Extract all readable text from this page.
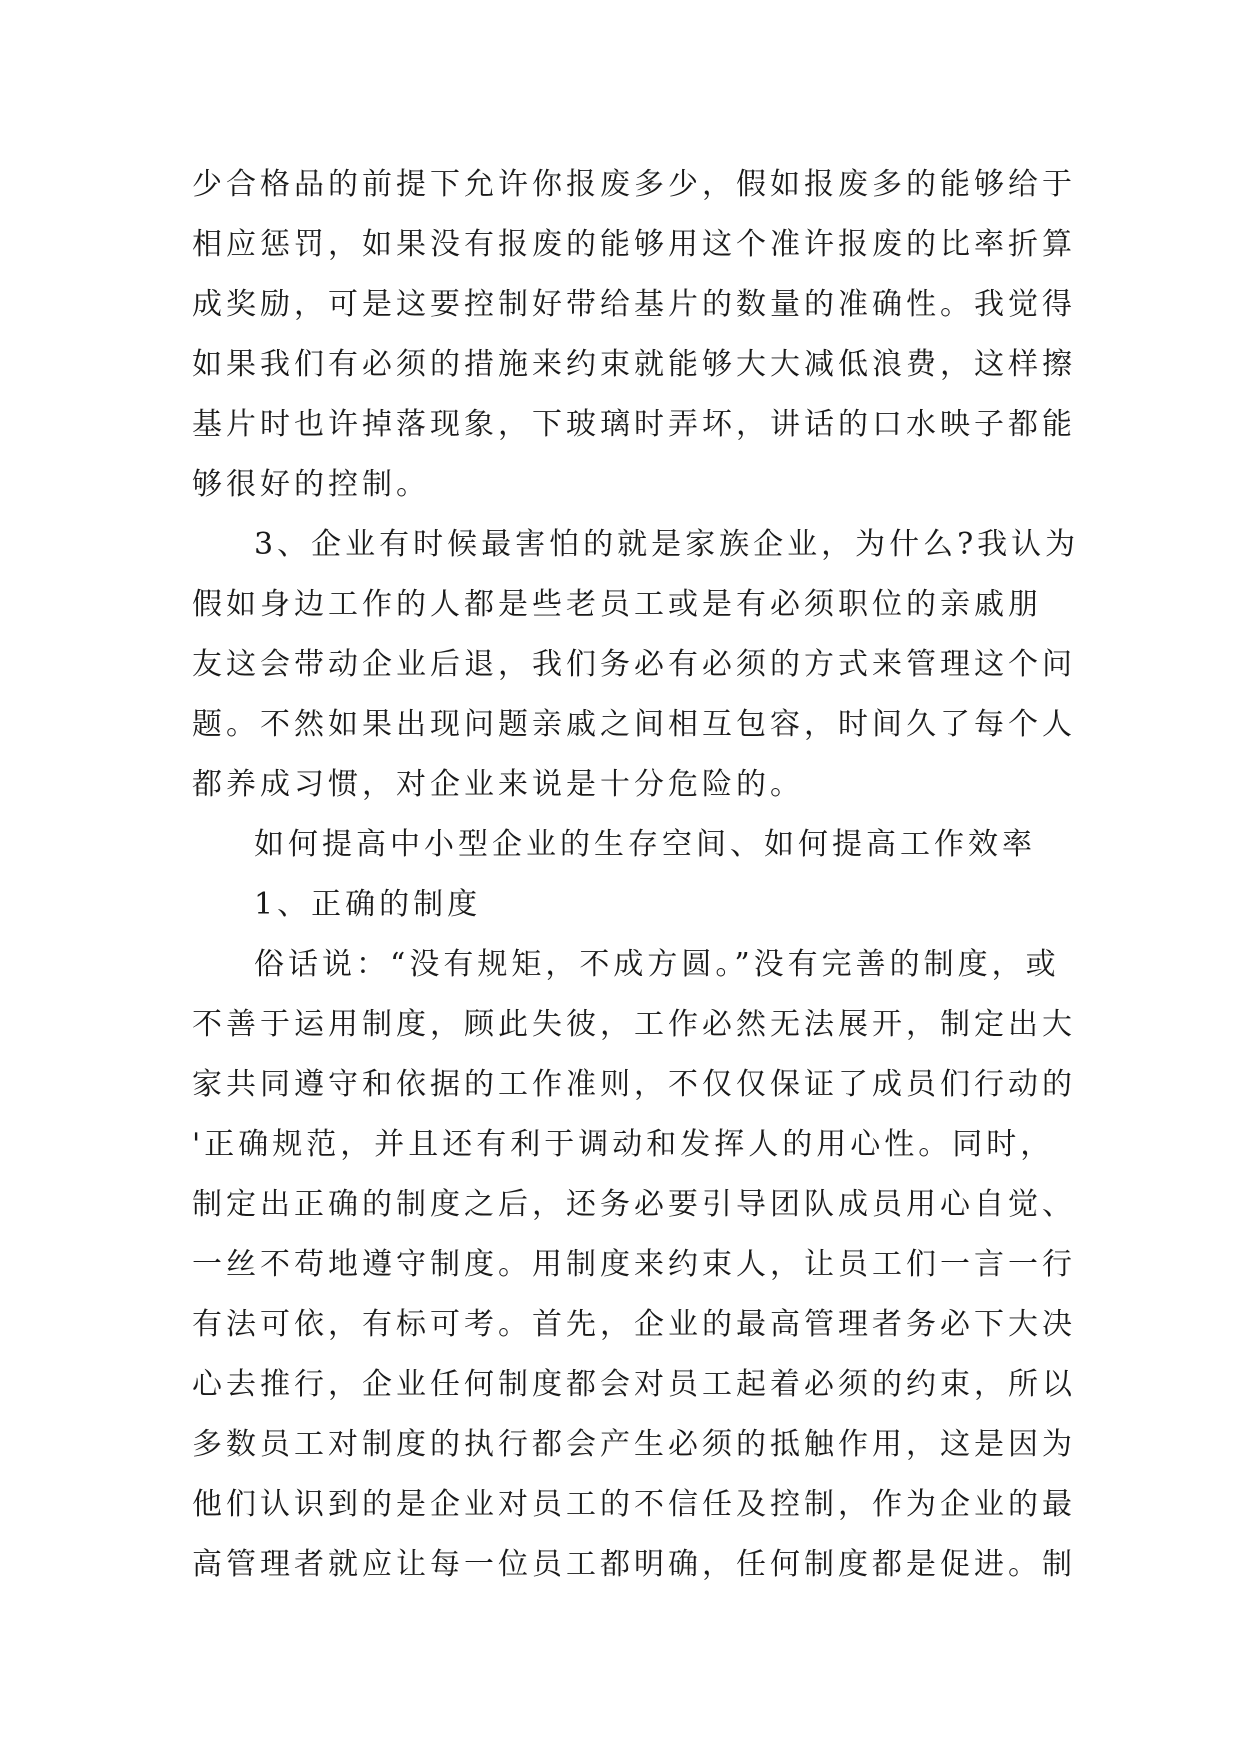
少合格品的前提下允许你报废多少，假如报废多的能够给于
相应惩罚，如果没有报废的能够用这个准许报废的比率折算
成奖励，可是这要控制好带给基片的数量的准确性。我觉得
如果我们有必须的措施来约束就能够大大减低浪费，这样擦
基片时也许掉落现象，下玻璃时弄坏，讲话的口水映子都能
够很好的控制。
3、企业有时候最害怕的就是家族企业，为什么?我认为
假如身边工作的人都是些老员工或是有必须职位的亲戚朋
友这会带动企业后退，我们务必有必须的方式来管理这个问
题。不然如果出现问题亲戚之间相互包容，时间久了每个人
都养成习惯，对企业来说是十分危险的。
如何提高中小型企业的生存空间、如何提高工作效率
1、正确的制度
俗话说：“没有规矩，不成方圆。”没有完善的制度，或
不善于运用制度，顾此失彼，工作必然无法展开，制定出大
家共同遵守和依据的工作准则，不仅仅保证了成员们行动的
'正确规范，并且还有利于调动和发挥人的用心性。同时，
制定出正确的制度之后，还务必要引导团队成员用心自觉、
一丝不苟地遵守制度。用制度来约束人，让员工们一言一行
有法可依，有标可考。首先，企业的最高管理者务必下大决
心去推行，企业任何制度都会对员工起着必须的约束，所以
多数员工对制度的执行都会产生必须的抵触作用，这是因为
他们认识到的是企业对员工的不信任及控制，作为企业的最
高管理者就应让每一位员工都明确，任何制度都是促进。制
